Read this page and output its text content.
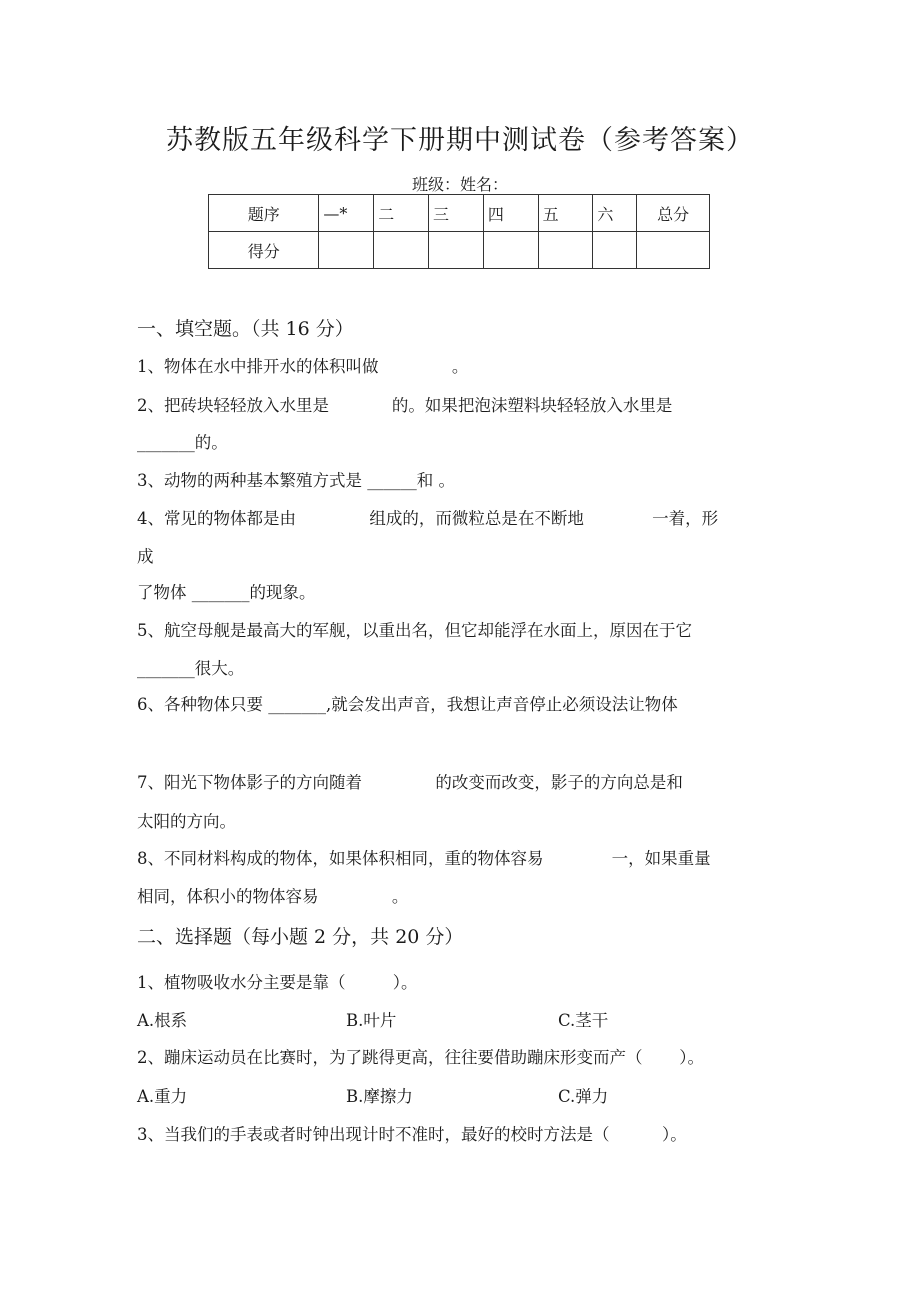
苏教版五年级科学下册期中测试卷（参考答案）
班级：姓名：
题序	—*	二	三	四	五	六	总分
得分							
一、填空题。（共 16 分）
1、物体在水中排开水的体积叫做              。
2、把砖块轻轻放入水里是            的。如果把泡沫塑料块轻轻放入水里是
_______的。
3、动物的两种基本繁殖方式是 ______和 。
4、常见的物体都是由              组成的，而微粒总是在不断地             一着，形
成
了物体 _______的现象。
5、航空母舰是最高大的军舰，以重出名，但它却能浮在水面上，原因在于它
_______很大。
6、各种物体只要 _______,就会发出声音，我想让声音停止必须设法让物体
7、阳光下物体影子的方向随着              的改变而改变，影子的方向总是和
太阳的方向。
8、不同材料构成的物体，如果体积相同，重的物体容易             一，如果重量
相同，体积小的物体容易              。
二、选择题（每小题 2 分，共 20 分）
1、植物吸收水分主要是靠（         ）。
A.根系	B.叶片	C.茎干
2、蹦床运动员在比赛时，为了跳得更高，往往要借助蹦床形变而产（       ）。
A.重力	B.摩擦力	C.弹力
3、当我们的手表或者时钟出现计时不准时，最好的校时方法是（          ）。
